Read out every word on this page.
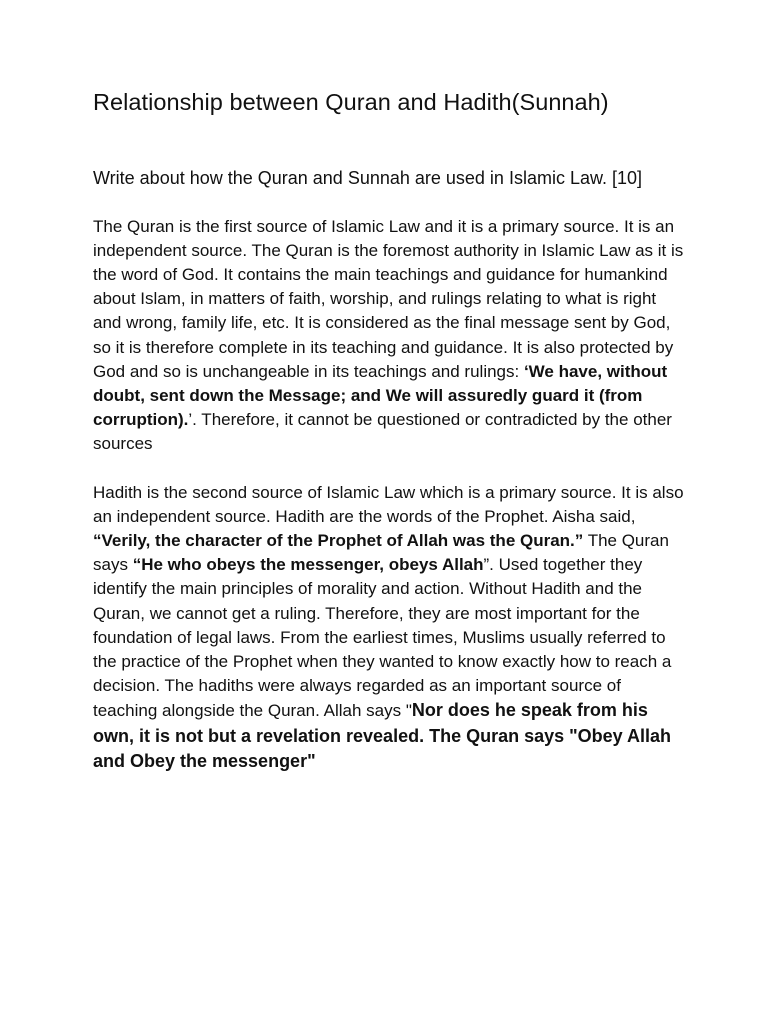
Relationship between Quran and Hadith(Sunnah)

Write about how the Quran and Sunnah are used in Islamic Law. [10]

The Quran is the first source of Islamic Law and it is a primary source. It is an independent source. The Quran is the foremost authority in Islamic Law as it is the word of God. It contains the main teachings and guidance for humankind about Islam, in matters of faith, worship, and rulings relating to what is right and wrong, family life, etc. It is considered as the final message sent by God, so it is therefore complete in its teaching and guidance. It is also protected by God and so is unchangeable in its teachings and rulings: ‘We have, without doubt, sent down the Message; and We will assuredly guard it (from corruption).’. Therefore, it cannot be questioned or contradicted by the other sources

Hadith is the second source of Islamic Law which is a primary source. It is also an independent source. Hadith are the words of the Prophet. Aisha said, “Verily, the character of the Prophet of Allah was the Quran.” The Quran says “He who obeys the messenger, obeys Allah”. Used together they identify the main principles of morality and action. Without Hadith and the Quran, we cannot get a ruling. Therefore, they are most important for the foundation of legal laws. From the earliest times, Muslims usually referred to the practice of the Prophet when they wanted to know exactly how to reach a decision. The hadiths were always regarded as an important source of teaching alongside the Quran. Allah says "Nor does he speak from his own, it is not but a revelation revealed. The Quran says "Obey Allah and Obey the messenger"
